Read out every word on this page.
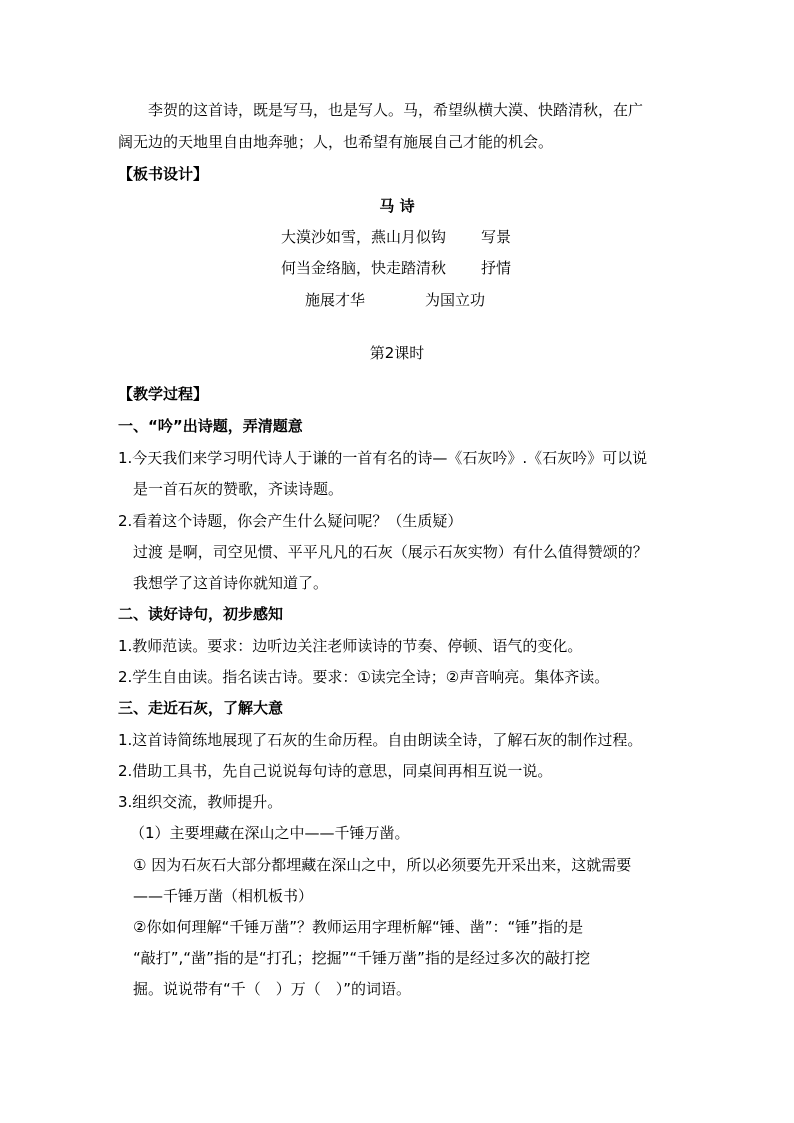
李贺的这首诗，既是写马，也是写人。马，希望纵横大漠、快踏清秋，在广
阔无边的天地里自由地奔驰；人，也希望有施展自己才能的机会。
【板书设计】
马 诗
大漠沙如雪，燕山月似钩 写景
何当金络脑，快走踏清秋 抒情
施展才华	为国立功
第2课时
【教学过程】
一、“吟”出诗题，弄清题意
1.今天我们来学习明代诗人于谦的一首有名的诗—《石灰吟》.《石灰吟》可以说
是一首石灰的赞歌，齐读诗题。
2.看着这个诗题，你会产生什么疑问呢？（生质疑）
过渡 是啊，司空见惯、平平凡凡的石灰（展示石灰实物）有什么值得赞颂的？
我想学了这首诗你就知道了。
二、读好诗句，初步感知
1.教师范读。要求：边听边关注老师读诗的节奏、停顿、语气的变化。
2.学生自由读。指名读古诗。要求：①读完全诗；②声音响亮。集体齐读。
三、走近石灰，了解大意
1.这首诗简练地展现了石灰的生命历程。自由朗读全诗，了解石灰的制作过程。
2.借助工具书，先自己说说每句诗的意思，同桌间再相互说一说。
3.组织交流，教师提升。
（1）主要埋藏在深山之中——千锤万凿。
① 因为石灰石大部分都埋藏在深山之中，所以必须要先开采出来，这就需要
——千锤万凿（相机板书）
②你如何理解“千锤万凿”？教师运用字理析解“锤、凿”：“锤”指的是
“敲打”,“凿”指的是“打孔；挖掘”“千锤万凿”指的是经过多次的敲打挖
掘。说说带有“千（　）万（　）”的词语。
